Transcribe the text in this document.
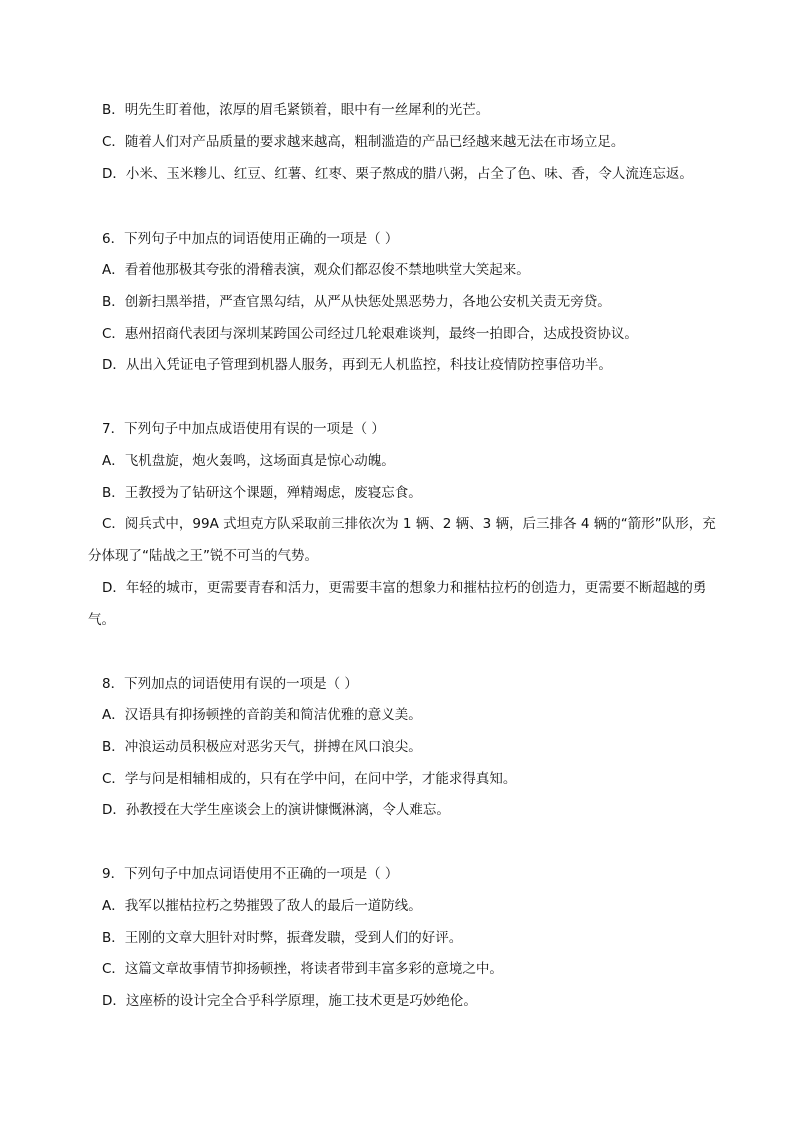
B．明先生盯着他，浓厚的眉毛紧锁着，眼中有一丝犀利的光芒。

C．随着人们对产品质量的要求越来越高，粗制滥造的产品已经越来越无法在市场立足。

D．小米、玉米糁儿、红豆、红薯、红枣、栗子熬成的腊八粥，占全了色、味、香，令人流连忘返。

6．下列句子中加点的词语使用正确的一项是（ ）

A．看着他那极其夸张的滑稽表演，观众们都忍俊不禁地哄堂大笑起来。

B．创新扫黑举措，严查官黑勾结，从严从快惩处黑恶势力，各地公安机关责无旁贷。

C．惠州招商代表团与深圳某跨国公司经过几轮艰难谈判，最终一拍即合，达成投资协议。

D．从出入凭证电子管理到机器人服务，再到无人机监控，科技让疫情防控事倍功半。

7．下列句子中加点成语使用有误的一项是（ ）

A．飞机盘旋，炮火轰鸣，这场面真是惊心动魄。

B．王教授为了钻研这个课题，殚精竭虑，废寝忘食。

C．阅兵式中，99A 式坦克方队采取前三排依次为 1 辆、2 辆、3 辆，后三排各 4 辆的“箭形”队形，充

分体现了“陆战之王”锐不可当的气势。

D．年轻的城市，更需要青春和活力，更需要丰富的想象力和摧枯拉朽的创造力，更需要不断超越的勇

气。

8．下列加点的词语使用有误的一项是（ ）

A．汉语具有抑扬顿挫的音韵美和简洁优雅的意义美。

B．冲浪运动员积极应对恶劣天气，拼搏在风口浪尖。

C．学与问是相辅相成的，只有在学中问，在问中学，才能求得真知。

D．孙教授在大学生座谈会上的演讲慷慨淋漓，令人难忘。

9．下列句子中加点词语使用不正确的一项是（ ）

A．我军以摧枯拉朽之势摧毁了敌人的最后一道防线。

B．王刚的文章大胆针对时弊，振聋发聩，受到人们的好评。

C．这篇文章故事情节抑扬顿挫，将读者带到丰富多彩的意境之中。

D．这座桥的设计完全合乎科学原理，施工技术更是巧妙绝伦。
